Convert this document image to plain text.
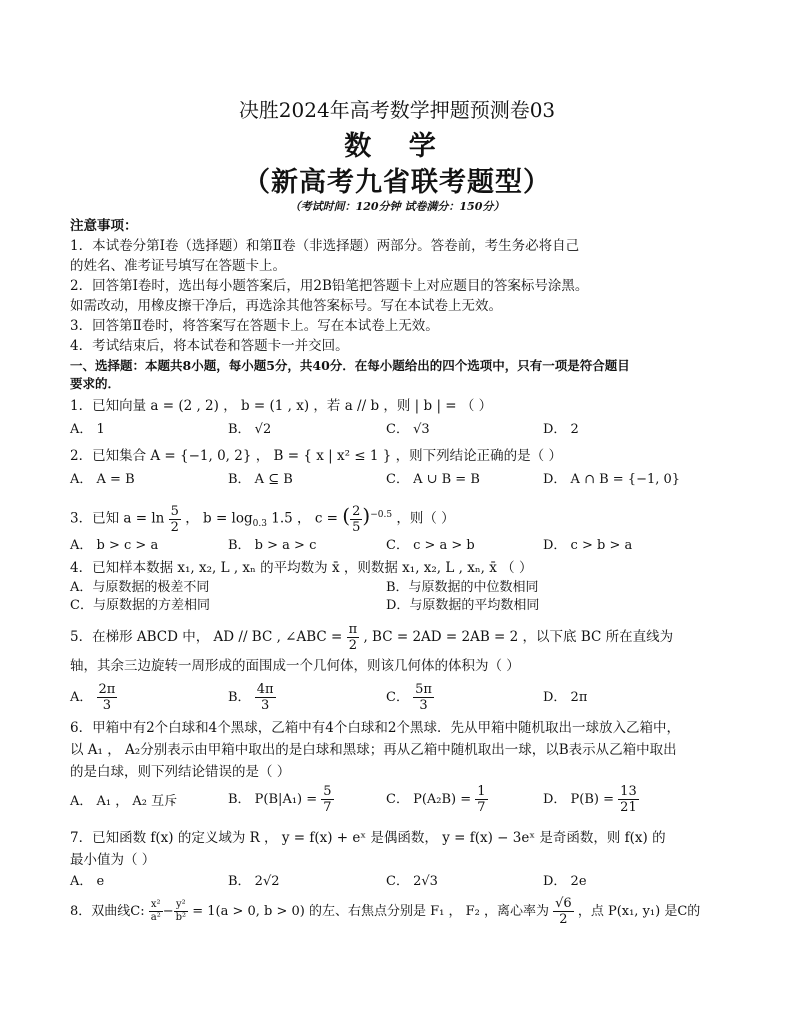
决胜2024年高考数学押题预测卷03
数 学
（新高考九省联考题型）
（考试时间：120分钟 试卷满分：150分）
注意事项：
1．本试卷分第Ⅰ卷（选择题）和第Ⅱ卷（非选择题）两部分。答卷前，考生务必将自己
的姓名、准考证号填写在答题卡上。
2．回答第Ⅰ卷时，选出每小题答案后，用2B铅笔把答题卡上对应题目的答案标号涂黑。
如需改动，用橡皮擦干净后，再选涂其他答案标号。写在本试卷上无效。
3．回答第Ⅱ卷时，将答案写在答题卡上。写在本试卷上无效。
4．考试结束后，将本试卷和答题卡一并交回。
一、选择题：本题共8小题，每小题5分，共40分．在每小题给出的四个选项中，只有一项是符合题目
要求的．
1．已知向量 a = (2 , 2) ， b = (1 , x) ，若 a // b ，则 | b | = （ ）
A． 1	B． √2	C． √3	D． 2
2．已知集合 A = {−1, 0, 2} ， B = { x | x² ≤ 1 } ，则下列结论正确的是（ ）
A． A = B	B． A ⊆ B	C． A ∪ B = B	D． A ∩ B = {−1, 0}
3．已知 $a = \ln \frac{5}{2}$ ， $b = \log_{0.3} 1.5$ ， c = ( $\frac{2}{5} )^{-0.5}$ ，则（ ）
A． b > c > a	B． b > a > c	C． c > a > b	D． c > b > a
4．已知样本数据 x₁, x₂, L , xₙ 的平均数为 x̄ ，则数据 x₁, x₂, L , xₙ, x̄ （ ）
A．与原数据的极差不同	B．与原数据的中位数相同
C．与原数据的方差相同	D．与原数据的平均数相同
5．在梯形 ABCD 中， AD // BC , ∠ABC = $\frac{\pi}{2}$ , BC = 2AD = 2AB = 2 ，以下底 BC 所在直线为
轴，其余三边旋转一周形成的面围成一个几何体，则该几何体的体积为（ ）
A． $\frac{2\pi}{3}$	B． $\frac{4\pi}{3}$	C． $\frac{5\pi}{3}$	D． 2π
6．甲箱中有2个白球和4个黑球，乙箱中有4个白球和2个黑球．先从甲箱中随机取出一球放入乙箱中，
以 A₁ ， A₂分别表示由甲箱中取出的是白球和黑球；再从乙箱中随机取出一球，以B表示从乙箱中取出
的是白球，则下列结论错误的是（ ）
A． A₁ ， A₂ 互斥	B． $P(B|A_1) = \frac{5}{7}$	C． $P(A_2B) = \frac{1}{7}$	D． $P(B) = \frac{13}{21}$
7．已知函数 f(x) 的定义域为 R ， y = f(x) + eˣ 是偶函数， y = f(x) − 3eˣ 是奇函数，则 f(x) 的
最小值为（ ）
A． e	B． 2√2	C． 2√3	D． 2e
8．双曲线C: $\frac{\text{x²}}{\text{a²}} - \frac{\text{y²}}{\text{b²}} = 1(a > 0$, b > 0) 的左、右焦点分别是 F₁ ， F₂ ，离心率为 $\frac{√6}{2}$ ，点 P(x₁, y₁) 是C的
